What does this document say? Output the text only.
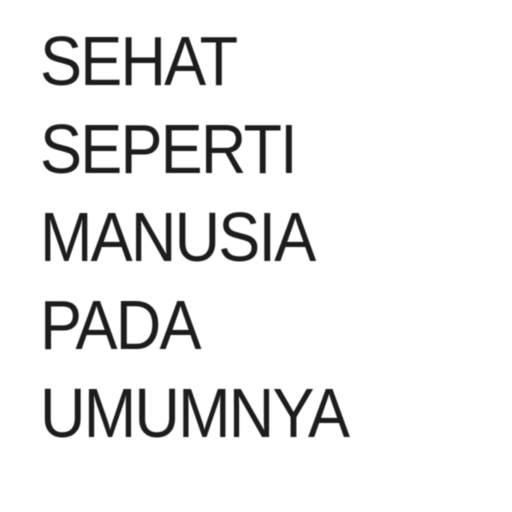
SEHAT
SEPERTI
MANUSIA
PADA
UMUMNYA
